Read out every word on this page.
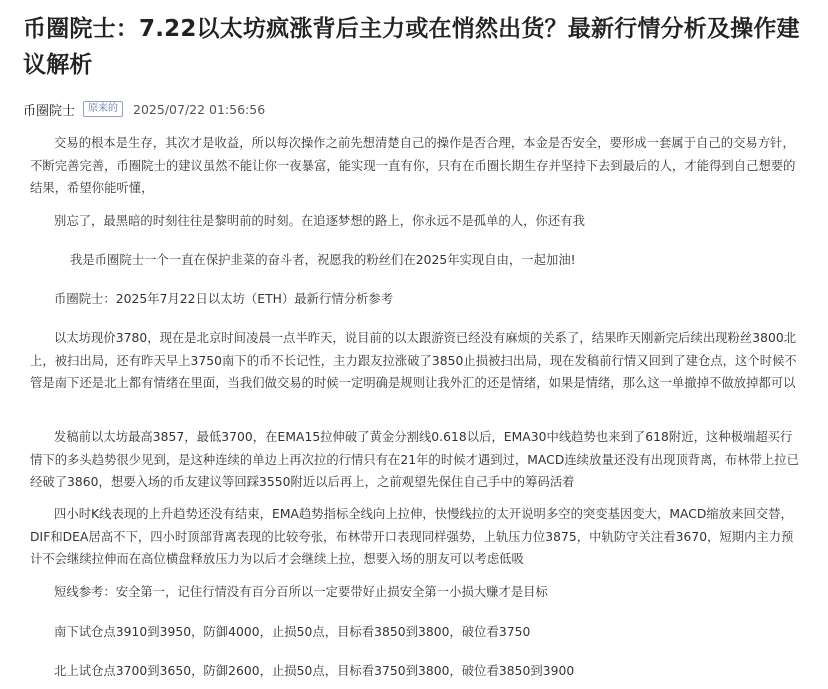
币圈院士：7.22以太坊疯涨背后主力或在悄然出货？最新行情分析及操作建议解析
币圈院士	原来的	2025/07/22 01:56:56

交易的根本是生存，其次才是收益，所以每次操作之前先想清楚自己的操作是否合理，本金是否安全，要形成一套属于自己的交易方针，不断完善完善，币圈院士的建议虽然不能让你一夜暴富，能实现一直有你，只有在币圈长期生存并坚持下去到最后的人，才能得到自己想要的结果，希望你能听懂，

别忘了，最黑暗的时刻往往是黎明前的时刻。在追逐梦想的路上，你永远不是孤单的人，你还有我

我是币圈院士一个一直在保护韭菜的奋斗者，祝愿我的粉丝们在2025年实现自由，一起加油!

币圈院士：2025年7月22日以太坊（ETH）最新行情分析参考

以太坊现价3780，现在是北京时间凌晨一点半昨天，说目前的以太跟游资已经没有麻烦的关系了，结果昨天刚新完后续出现粉丝3800北上，被扫出局，还有昨天早上3750南下的币不长记性，主力跟友拉涨破了3850止损被扫出局，现在发稿前行情又回到了建仓点，这个时候不管是南下还是北上都有情绪在里面，当我们做交易的时候一定明确是规则让我外汇的还是情绪，如果是情绪，那么这一单撤掉不做放掉都可以

发稿前以太坊最高3857，最低3700，在EMA15拉伸破了黄金分割线0.618以后，EMA30中线趋势也来到了618附近，这种极端超买行情下的多头趋势很少见到，是这种连续的单边上再次拉的行情只有在21年的时候才遇到过，MACD连续放量还没有出现顶背离，布林带上拉已经破了3860，想要入场的币友建议等回踩3550附近以后再上，之前观望先保住自己手中的筹码活着

四小时K线表现的上升趋势还没有结束，EMA趋势指标全线向上拉伸，快慢线拉的太开说明多空的突变基因变大，MACD缩放来回交替，DIF和DEA居高不下，四小时顶部背离表现的比较夸张，布林带开口表现同样强势，上轨压力位3875，中轨防守关注看3670，短期内主力预计不会继续拉伸而在高位横盘释放压力为以后才会继续上拉，想要入场的朋友可以考虑低吸

短线参考：安全第一，记住行情没有百分百所以一定要带好止损安全第一小损大赚才是目标

南下试仓点3910到3950，防御4000，止损50点，目标看3850到3800，破位看3750

北上试仓点3700到3650，防御2600，止损50点，目标看3750到3800，破位看3850到3900
